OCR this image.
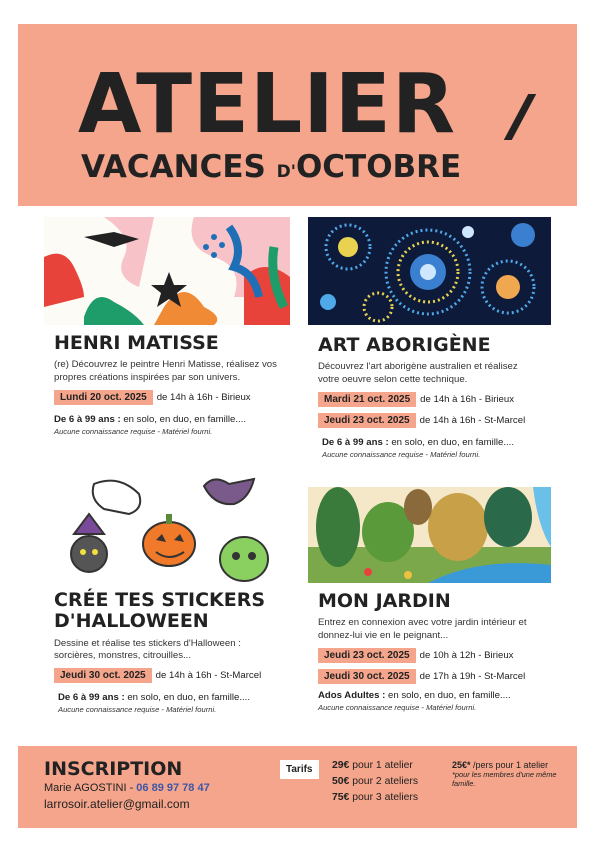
ATELIER
VACANCES D'OCTOBRE
HENRI MATISSE
(re) Découvrez le peintre Henri Matisse, réalisez vos propres créations inspirées par son univers.
Lundi 20 oct. 2025	de 14h à 16h - Birieux
De 6 à 99 ans : en solo, en duo, en famille....
Aucune connaissance requise - Matériel fourni.
ART ABORIGÈNE
Découvrez l'art aborigène australien et réalisez votre oeuvre selon cette technique.
Mardi 21 oct. 2025	de 14h à 16h - Birieux
Jeudi 23 oct. 2025	de 14h à 16h - St-Marcel
De 6 à 99 ans : en solo, en duo, en famille....
Aucune connaissance requise - Matériel fourni.
CRÉE TES STICKERS D'HALLOWEEN
Dessine et réalise tes stickers d'Halloween : sorcières, monstres, citrouilles...
Jeudi 30 oct. 2025	de 14h à 16h - St-Marcel
De 6 à 99 ans : en solo, en duo, en famille....
Aucune connaissance requise - Matériel fourni.
MON JARDIN
Entrez en connexion avec votre jardin intérieur et donnez-lui vie en le peignant...
Jeudi 23 oct. 2025	de 10h à 12h - Birieux
Jeudi 30 oct. 2025	de 17h à 19h - St-Marcel
Ados Adultes : en solo, en duo, en famille....
Aucune connaissance requise - Matériel fourni.
INSCRIPTION
Marie AGOSTINI - 06 89 97 78 47
larrosoir.atelier@gmail.com
Tarifs	29€ pour 1 atelier
50€ pour 2 ateliers
75€ pour 3 ateliers
25€* /pers pour 1 atelier
*pour les membres d'une même famille.
